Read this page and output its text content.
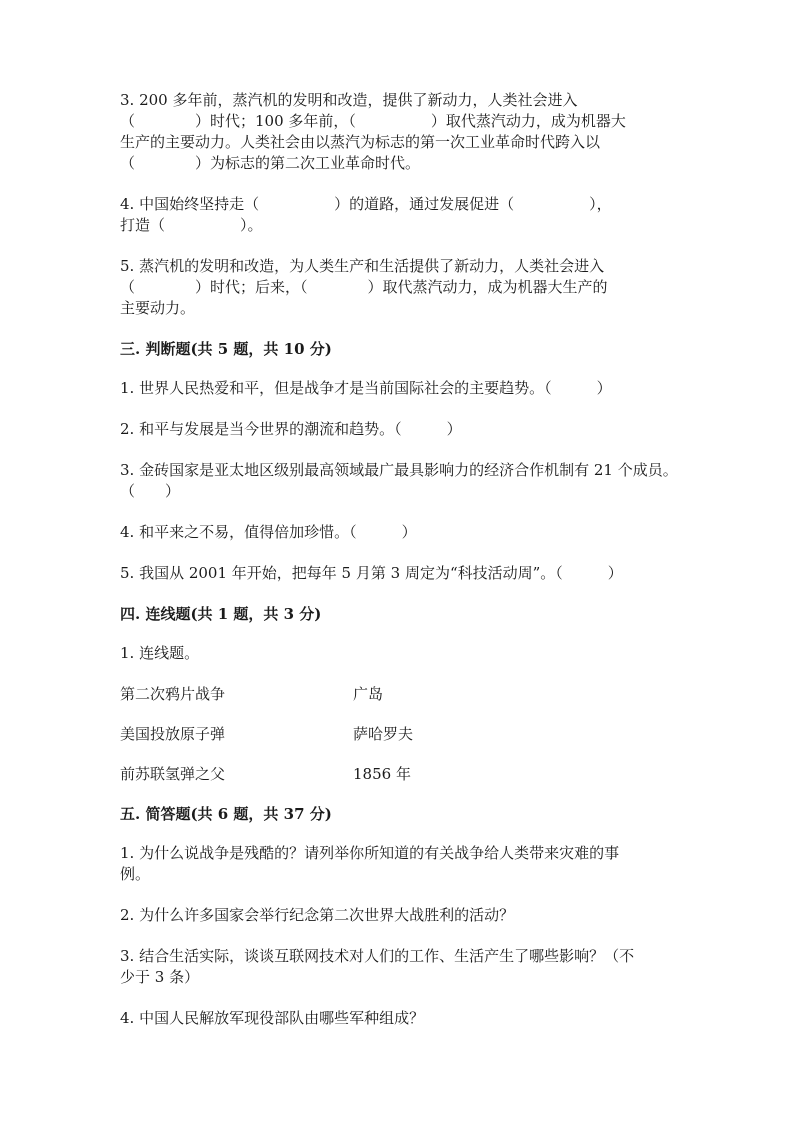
3. 200 多年前，蒸汽机的发明和改造，提供了新动力，人类社会进入
（　　　　）时代；100 多年前，（　　　　　）取代蒸汽动力，成为机器大
生产的主要动力。人类社会由以蒸汽为标志的第一次工业革命时代跨入以
（　　　　）为标志的第二次工业革命时代。
4. 中国始终坚持走（　　　　　）的道路，通过发展促进（　　　　　），
打造（　　　　　）。
5. 蒸汽机的发明和改造，为人类生产和生活提供了新动力，人类社会进入
（　　　　）时代；后来，（　　　　）取代蒸汽动力，成为机器大生产的
主要动力。
三. 判断题(共 5 题，共 10 分)
1. 世界人民热爱和平，但是战争才是当前国际社会的主要趋势。（　　　）
2. 和平与发展是当今世界的潮流和趋势。（　　　）
3. 金砖国家是亚太地区级别最高领域最广最具影响力的经济合作机制有 21 个成员。（　　）
4. 和平来之不易，值得倍加珍惜。（　　　）
5. 我国从 2001 年开始，把每年 5 月第 3 周定为“科技活动周”。（　　　）
四. 连线题(共 1 题，共 3 分)
1. 连线题。
第二次鸦片战争	广岛
美国投放原子弹	萨哈罗夫
前苏联氢弹之父	1856 年
五. 简答题(共 6 题，共 37 分)
1. 为什么说战争是残酷的？请列举你所知道的有关战争给人类带来灾难的事
例。
2. 为什么许多国家会举行纪念第二次世界大战胜利的活动？
3. 结合生活实际，谈谈互联网技术对人们的工作、生活产生了哪些影响？（不
少于 3 条）
4. 中国人民解放军现役部队由哪些军种组成？
